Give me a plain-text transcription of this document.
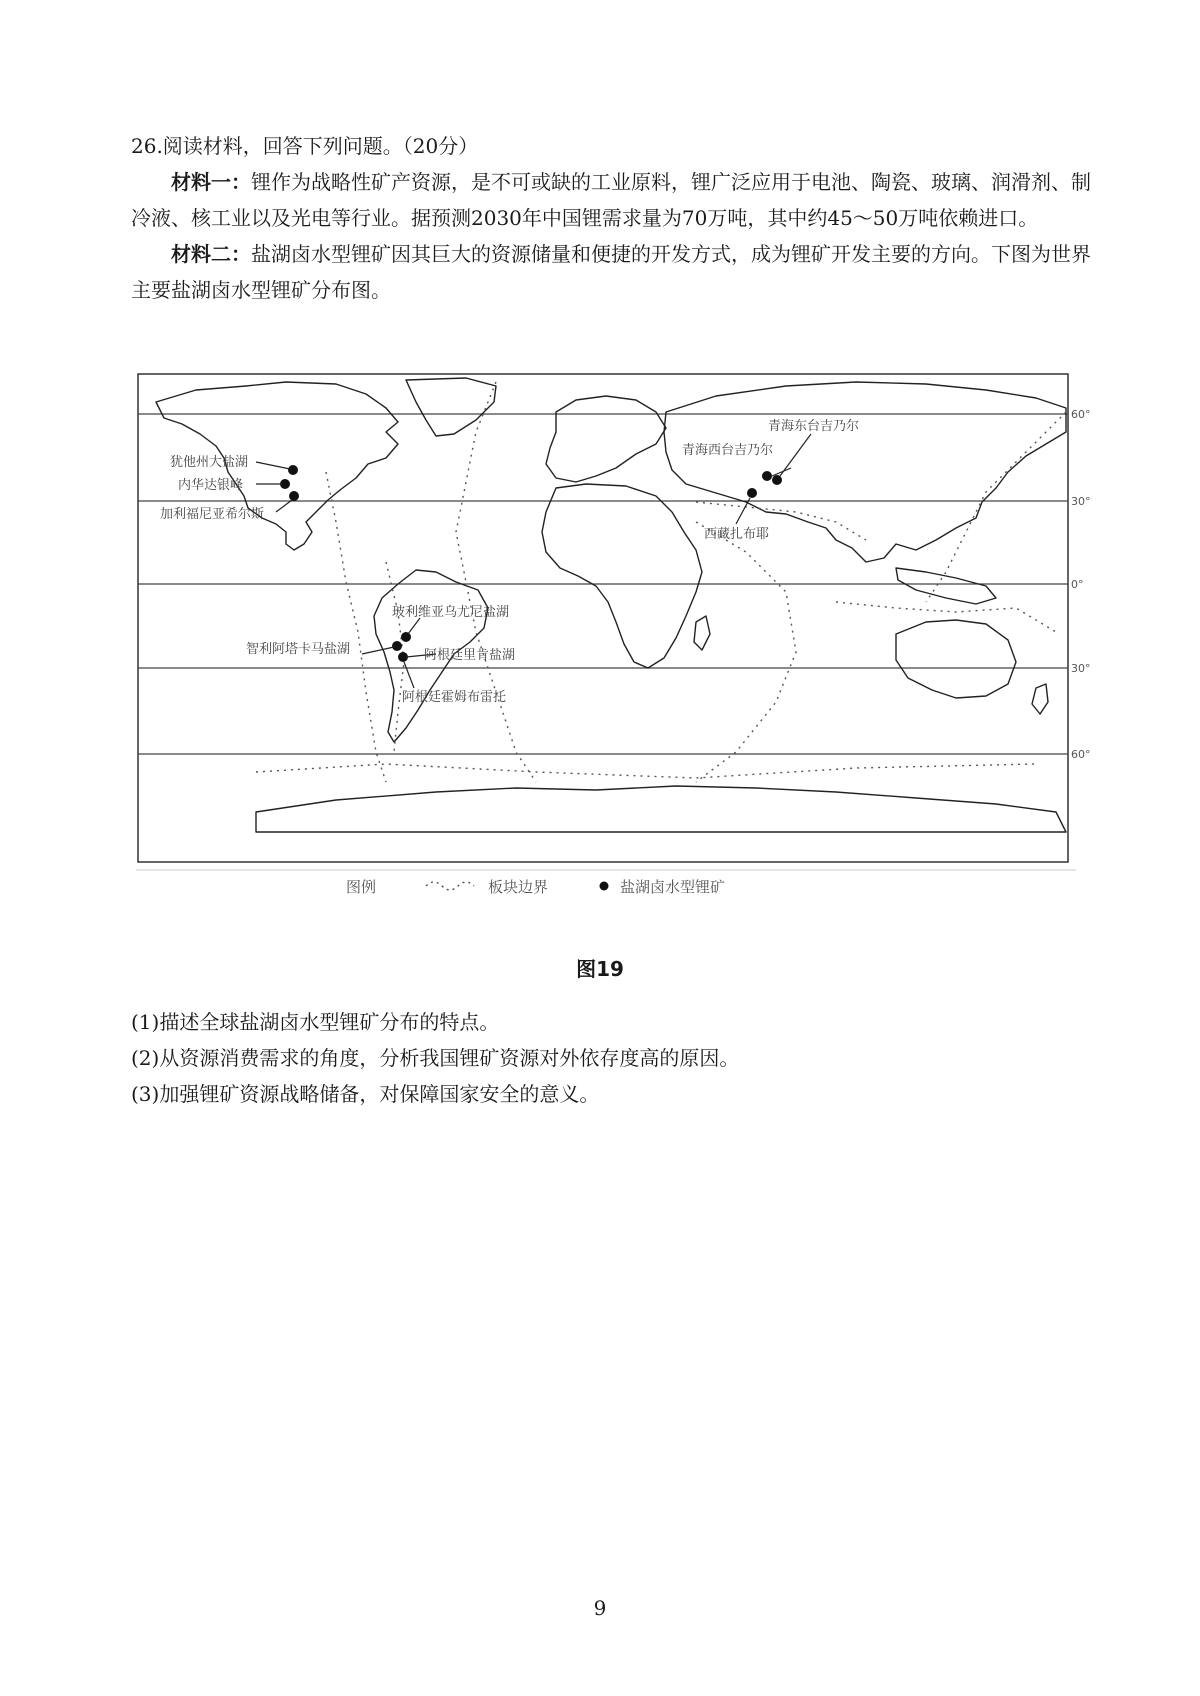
26.阅读材料，回答下列问题。（20分）

材料一：锂作为战略性矿产资源，是不可或缺的工业原料，锂广泛应用于电池、陶瓷、玻璃、润滑剂、制冷液、核工业以及光电等行业。据预测2030年中国锂需求量为70万吨，其中约45～50万吨依赖进口。

材料二：盐湖卤水型锂矿因其巨大的资源储量和便捷的开发方式，成为锂矿开发主要的方向。下图为世界主要盐湖卤水型锂矿分布图。

60°
30°
0°
30°
60°
犹他州大盐湖
内华达银峰
加利福尼亚希尔斯
青海东台吉乃尔
青海西台吉乃尔
西藏扎布耶
玻利维亚乌尤尼盐湖
智利阿塔卡马盐湖	阿根廷里肯盐湖
阿根廷霍姆布雷托
图例	板块边界	盐湖卤水型锂矿
图19
(1)描述全球盐湖卤水型锂矿分布的特点。
(2)从资源消费需求的角度，分析我国锂矿资源对外依存度高的原因。
(3)加强锂矿资源战略储备，对保障国家安全的意义。
9
